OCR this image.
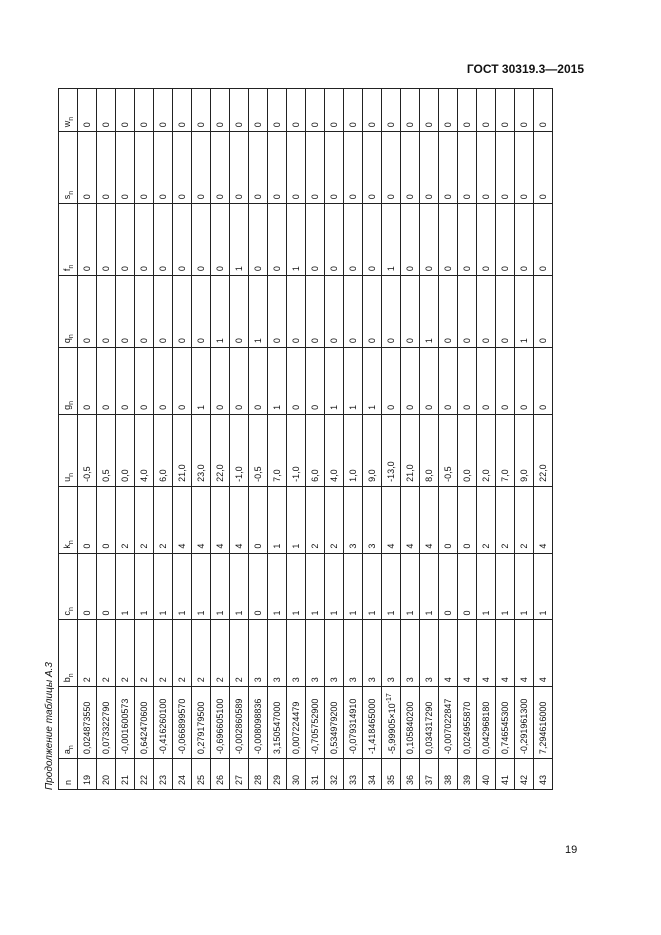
ГОСТ 30319.3—2015
Продолжение таблицы А.3 n	$a_n$	$b_n$	$c_n$	$k_n$	$u_n$	$g_n$	$q_n$	$f_n$	$s_n$	$w_n$
19	0,024873550	2	0	0	-0,5	0	0	0	0	0
20	0,073322790	2	0	0	0,5	0	0	0	0	0
21	-0,001600573	2	1	2	0,0	0	0	0	0	0
22	0,642470600	2	1	2	4,0	0	0	0	0	0
23	-0,416260100	2	1	2	6,0	0	0	0	0	0
24	-0,066899570	2	1	4	21,0	0	0	0	0	0
25	0,279179500	2	1	4	23,0	1	0	0	0	0
26	-0,696605100	2	1	4	22,0	0	1	0	0	0
27	-0,002860589	2	1	4	-1,0	0	0	1	0	0
28	-0,008098836	3	0	0	-0,5	0	1	0	0	0
29	3,150547000	3	1	1	7,0	1	0	0	0	0
30	0,007224479	3	1	1	-1,0	0	0	1	0	0
31	-0,705752900	3	1	2	6,0	0	0	0	0	0
32	0,534979200	3	1	2	4,0	1	0	0	0	0
33	-0,079314910	3	1	3	1,0	1	0	0	0	0
34	-1,418465000	3	1	3	9,0	1	0	0	0	0
35	$-5,99905\times 10^{-17}$	3	1	4	-13,0	0	0	1	0	0
36	0,105840200	3	1	4	21,0	0	0	0	0	0
37	0,034317290	3	1	4	8,0	0	1	0	0	0
38	-0,007022847	4	0	0	-0,5	0	0	0	0	0
39	0,024955870	4	0	0	0,0	0	0	0	0	0
40	0,042968180	4	1	2	2,0	0	0	0	0	0
41	0,746545300	4	1	2	7,0	0	0	0	0	0
42	-0,291961300	4	1	2	9,0	0	1	0	0	0
43	7,294616000	4	1	4	22,0	0	0	0	0	0
19
